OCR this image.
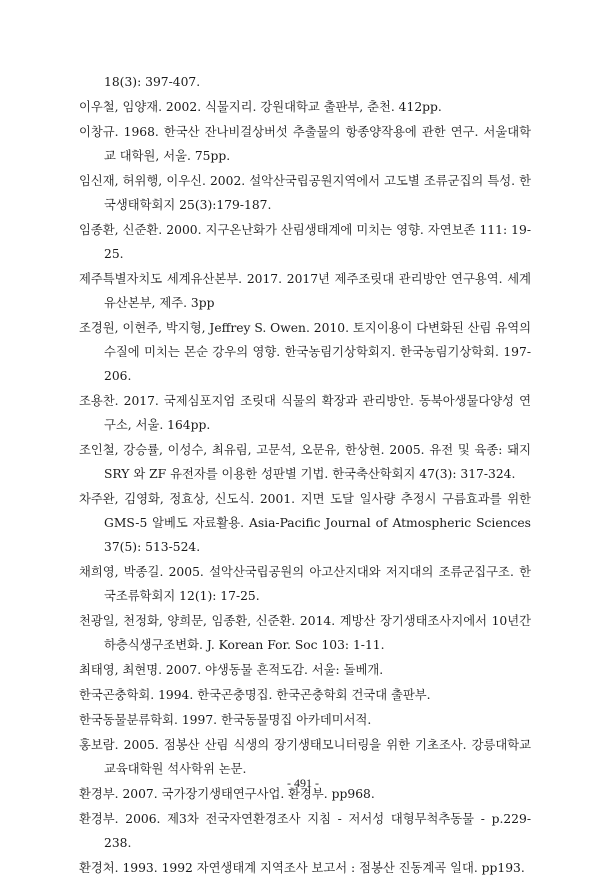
18(3): 397-407.
이우철, 임양재. 2002. 식물지리. 강원대학교 출판부, 춘천. 412pp.
이창규. 1968. 한국산 잔나비걸상버섯 추출물의 항종양작용에 관한 연구. 서울대학교 대학원, 서울. 75pp.
임신재, 허위행, 이우신. 2002. 설악산국립공원지역에서 고도별 조류군집의 특성. 한국생태학회지 25(3):179-187.
임종환, 신준환. 2000. 지구온난화가 산림생태계에 미치는 영향. 자연보존 111: 19-25.
제주특별자치도 세계유산본부. 2017. 2017년 제주조릿대 관리방안 연구용역. 세계유산본부, 제주. 3pp
조경원, 이현주, 박지형, Jeffrey S. Owen. 2010. 토지이용이 다변화된 산림 유역의 수질에 미치는 몬순 강우의 영향. 한국농림기상학회지. 한국농림기상학회. 197-206.
조용찬. 2017. 국제심포지엄 조릿대 식물의 확장과 관리방안. 동북아생물다양성 연구소, 서울. 164pp.
조인철, 강승률, 이성수, 최유림, 고문석, 오문유, 한상현. 2005. 유전 및 육종: 돼지 SRY 와 ZF 유전자를 이용한 성판별 기법. 한국축산학회지 47(3): 317-324.
차주완, 김영화, 정효상, 신도식. 2001. 지면 도달 일사량 추정시 구름효과를 위한 GMS-5 알베도 자료활용. Asia-Pacific Journal of Atmospheric Sciences 37(5): 513-524.
채희영, 박종길. 2005. 설악산국립공원의 아고산지대와 저지대의 조류군집구조. 한국조류학회지 12(1): 17-25.
천광일, 천정화, 양희문, 임종환, 신준환. 2014. 계방산 장기생태조사지에서 10년간 하층식생구조변화. J. Korean For. Soc 103: 1-11.
최태영, 최현명. 2007. 야생동물 흔적도감. 서울: 돌베개.
한국곤충학회. 1994. 한국곤충명집. 한국곤충학회 건국대 출판부.
한국동물분류학회. 1997. 한국동물명집 아카데미서적.
홍보람. 2005. 점봉산 산림 식생의 장기생태모니터링을 위한 기초조사. 강릉대학교 교육대학원 석사학위 논문.
환경부. 2007. 국가장기생태연구사업. 환경부. pp968.
환경부. 2006. 제3차 전국자연환경조사 지침 - 저서성 대형무척추동물 - p.229-238.
환경처. 1993. 1992 자연생태계 지역조사 보고서 : 점봉산 진동계곡 일대. pp193.
- 491 -
